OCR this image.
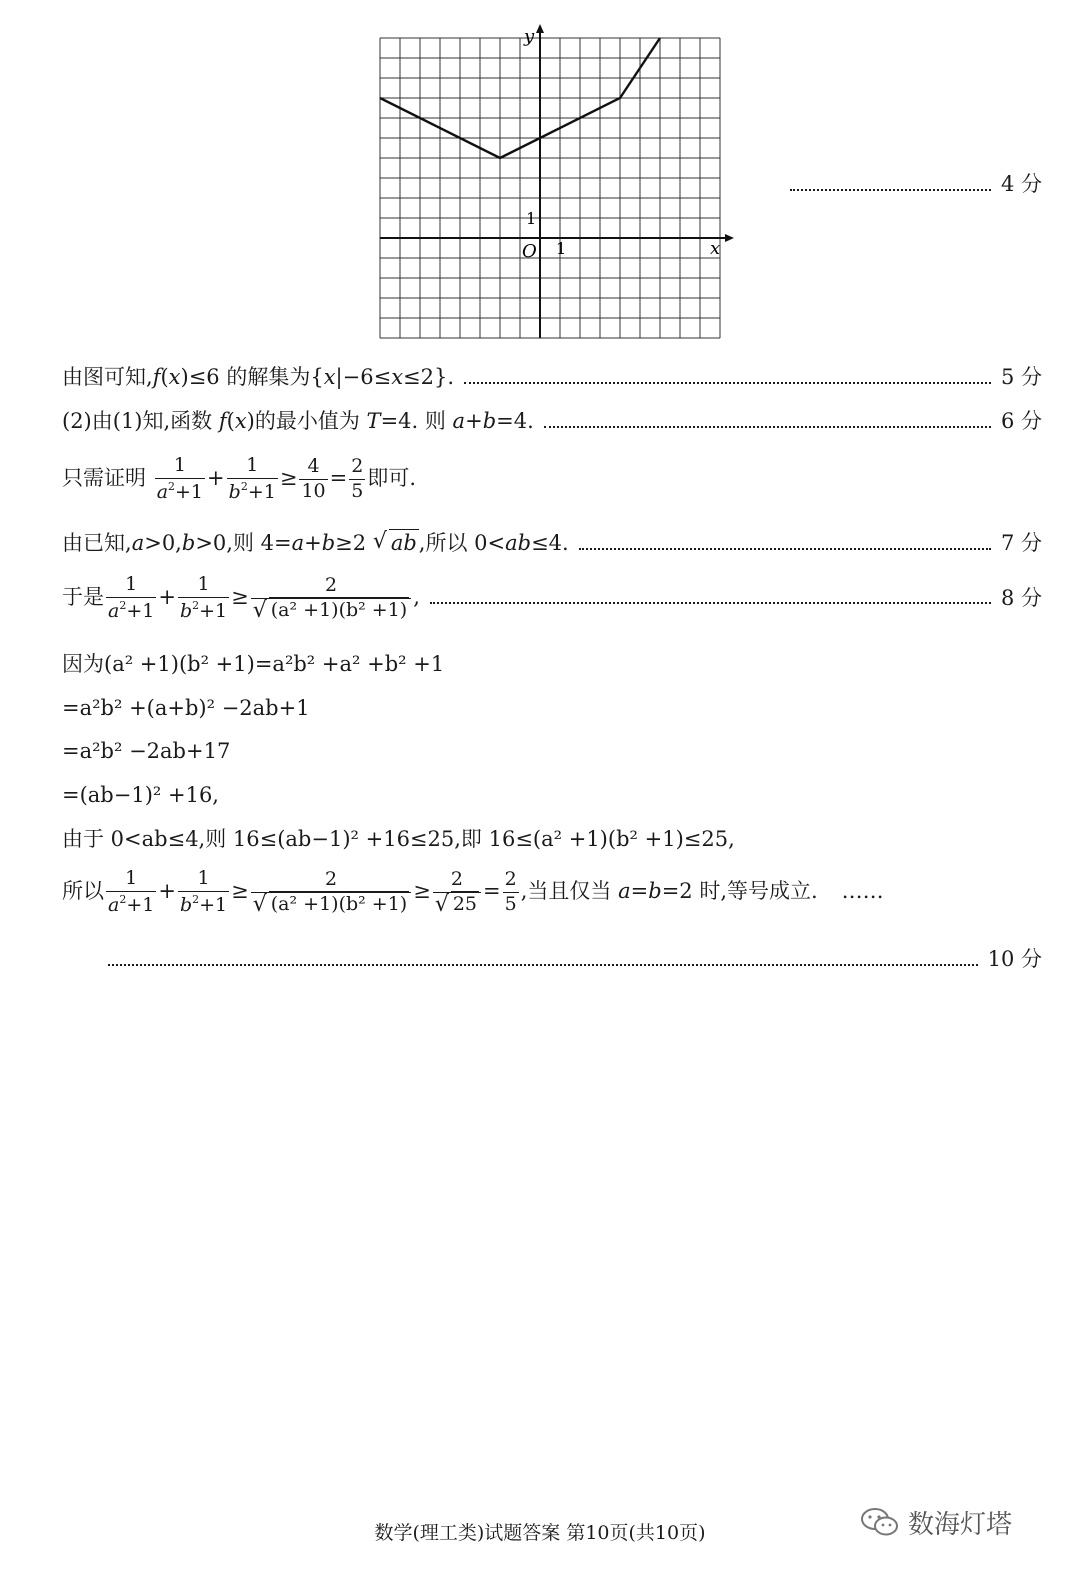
y
x
O 1
1
4 分
由图可知,f(x)≤6 的解集为{x|−6≤x≤2}.	5 分
(2)由(1)知,函数 f(x)的最小值为 T=4. 则 a+b=4.	6 分
只需证明 $\frac{1}{a^2+1} + \frac{1}{b^2+1} \ge \frac{4}{10} = \frac{2}{5}$ 即可.
由已知,a>0,b>0,则 4=a+b≥2 √ ab,所以 0<ab≤4.	7 分
于是 $\frac{1}{a^2+1} + \frac{1}{b^2+1} \ge 2$
√ (a² +1)(b² +1) ,	8 分
因为(a² +1)(b² +1)=a²b² +a² +b² +1
=a²b² +(a+b)² −2ab+1
=a²b² −2ab+17
=(ab−1)² +16,
由于 0<ab≤4,则 16≤(ab−1)² +16≤25,即 16≤(a² +1)(b² +1)≤25,
所以 $\frac{1}{a^2+1} + \frac{1}{b^2+1} \ge 2$
√ (a² +1)(b² +1) ≥ 2
√ $25 = \frac{2}{5}$ ,当且仅当 a=b=2 时,等号成立. ……
10 分
数学(理工类)试题答案 第10页(共10页)	数海灯塔
